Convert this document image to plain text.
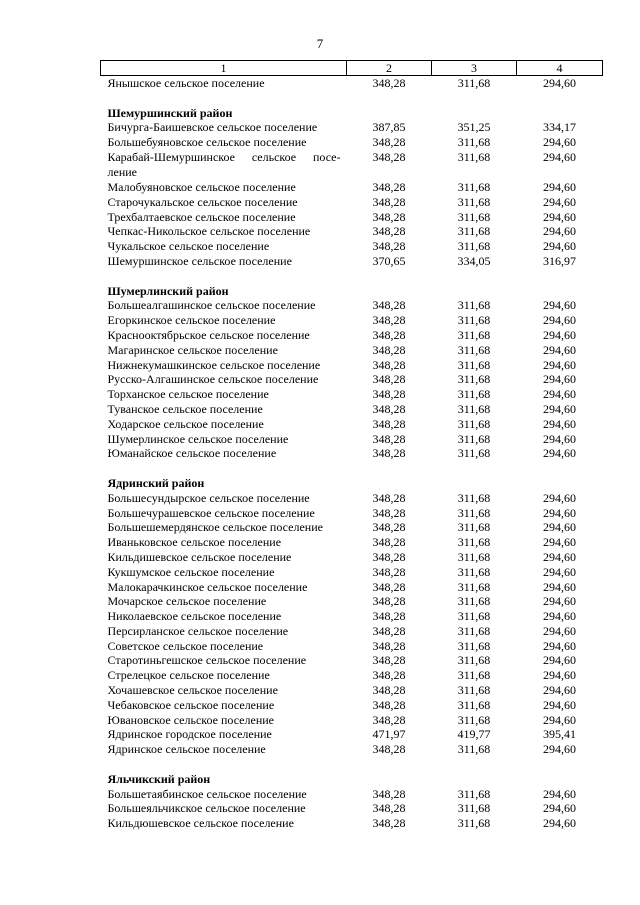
7
1	2	3	4
Янышское сельское поселение	348,28	311,68	294,60

Шемуршинский район			
Бичурга-Баишевское сельское поселение	387,85	351,25	334,17
Большебуяновское сельское поселение	348,28	311,68	294,60
Карабай-Шемуршинское сельское посе-ление	348,28	311,68	294,60
Малобуяновское сельское поселение	348,28	311,68	294,60
Старочукальское сельское поселение	348,28	311,68	294,60
Трехбалтаевское сельское поселение	348,28	311,68	294,60
Чепкас-Никольское сельское поселение	348,28	311,68	294,60
Чукальское сельское поселение	348,28	311,68	294,60
Шемуршинское сельское поселение	370,65	334,05	316,97

Шумерлинский район			
Большеалгашинское сельское поселение	348,28	311,68	294,60
Егоркинское сельское поселение	348,28	311,68	294,60
Краснооктябрьское сельское поселение	348,28	311,68	294,60
Магаринское сельское поселение	348,28	311,68	294,60
Нижнекумашкинское сельское поселение	348,28	311,68	294,60
Русско-Алгашинское сельское поселение	348,28	311,68	294,60
Торханское сельское поселение	348,28	311,68	294,60
Туванское сельское поселение	348,28	311,68	294,60
Ходарское сельское поселение	348,28	311,68	294,60
Шумерлинское сельское поселение	348,28	311,68	294,60
Юманайское сельское поселение	348,28	311,68	294,60

Ядринский район			
Большесундырское сельское поселение	348,28	311,68	294,60
Большечурашевское сельское поселение	348,28	311,68	294,60
Большешемердянское сельское поселение	348,28	311,68	294,60
Иваньковское сельское поселение	348,28	311,68	294,60
Кильдишевское сельское поселение	348,28	311,68	294,60
Кукшумское сельское поселение	348,28	311,68	294,60
Малокарачкинское сельское поселение	348,28	311,68	294,60
Мочарское сельское поселение	348,28	311,68	294,60
Николаевское сельское поселение	348,28	311,68	294,60
Персирланское сельское поселение	348,28	311,68	294,60
Советское сельское поселение	348,28	311,68	294,60
Старотиньгешское сельское поселение	348,28	311,68	294,60
Стрелецкое сельское поселение	348,28	311,68	294,60
Хочашевское сельское поселение	348,28	311,68	294,60
Чебаковское сельское поселение	348,28	311,68	294,60
Ювановское сельское поселение	348,28	311,68	294,60
Ядринское городское поселение	471,97	419,77	395,41
Ядринское сельское поселение	348,28	311,68	294,60

Яльчикский район			
Большетаябинское сельское поселение	348,28	311,68	294,60
Большеяльчикское сельское поселение	348,28	311,68	294,60
Кильдюшевское сельское поселение	348,28	311,68	294,60
